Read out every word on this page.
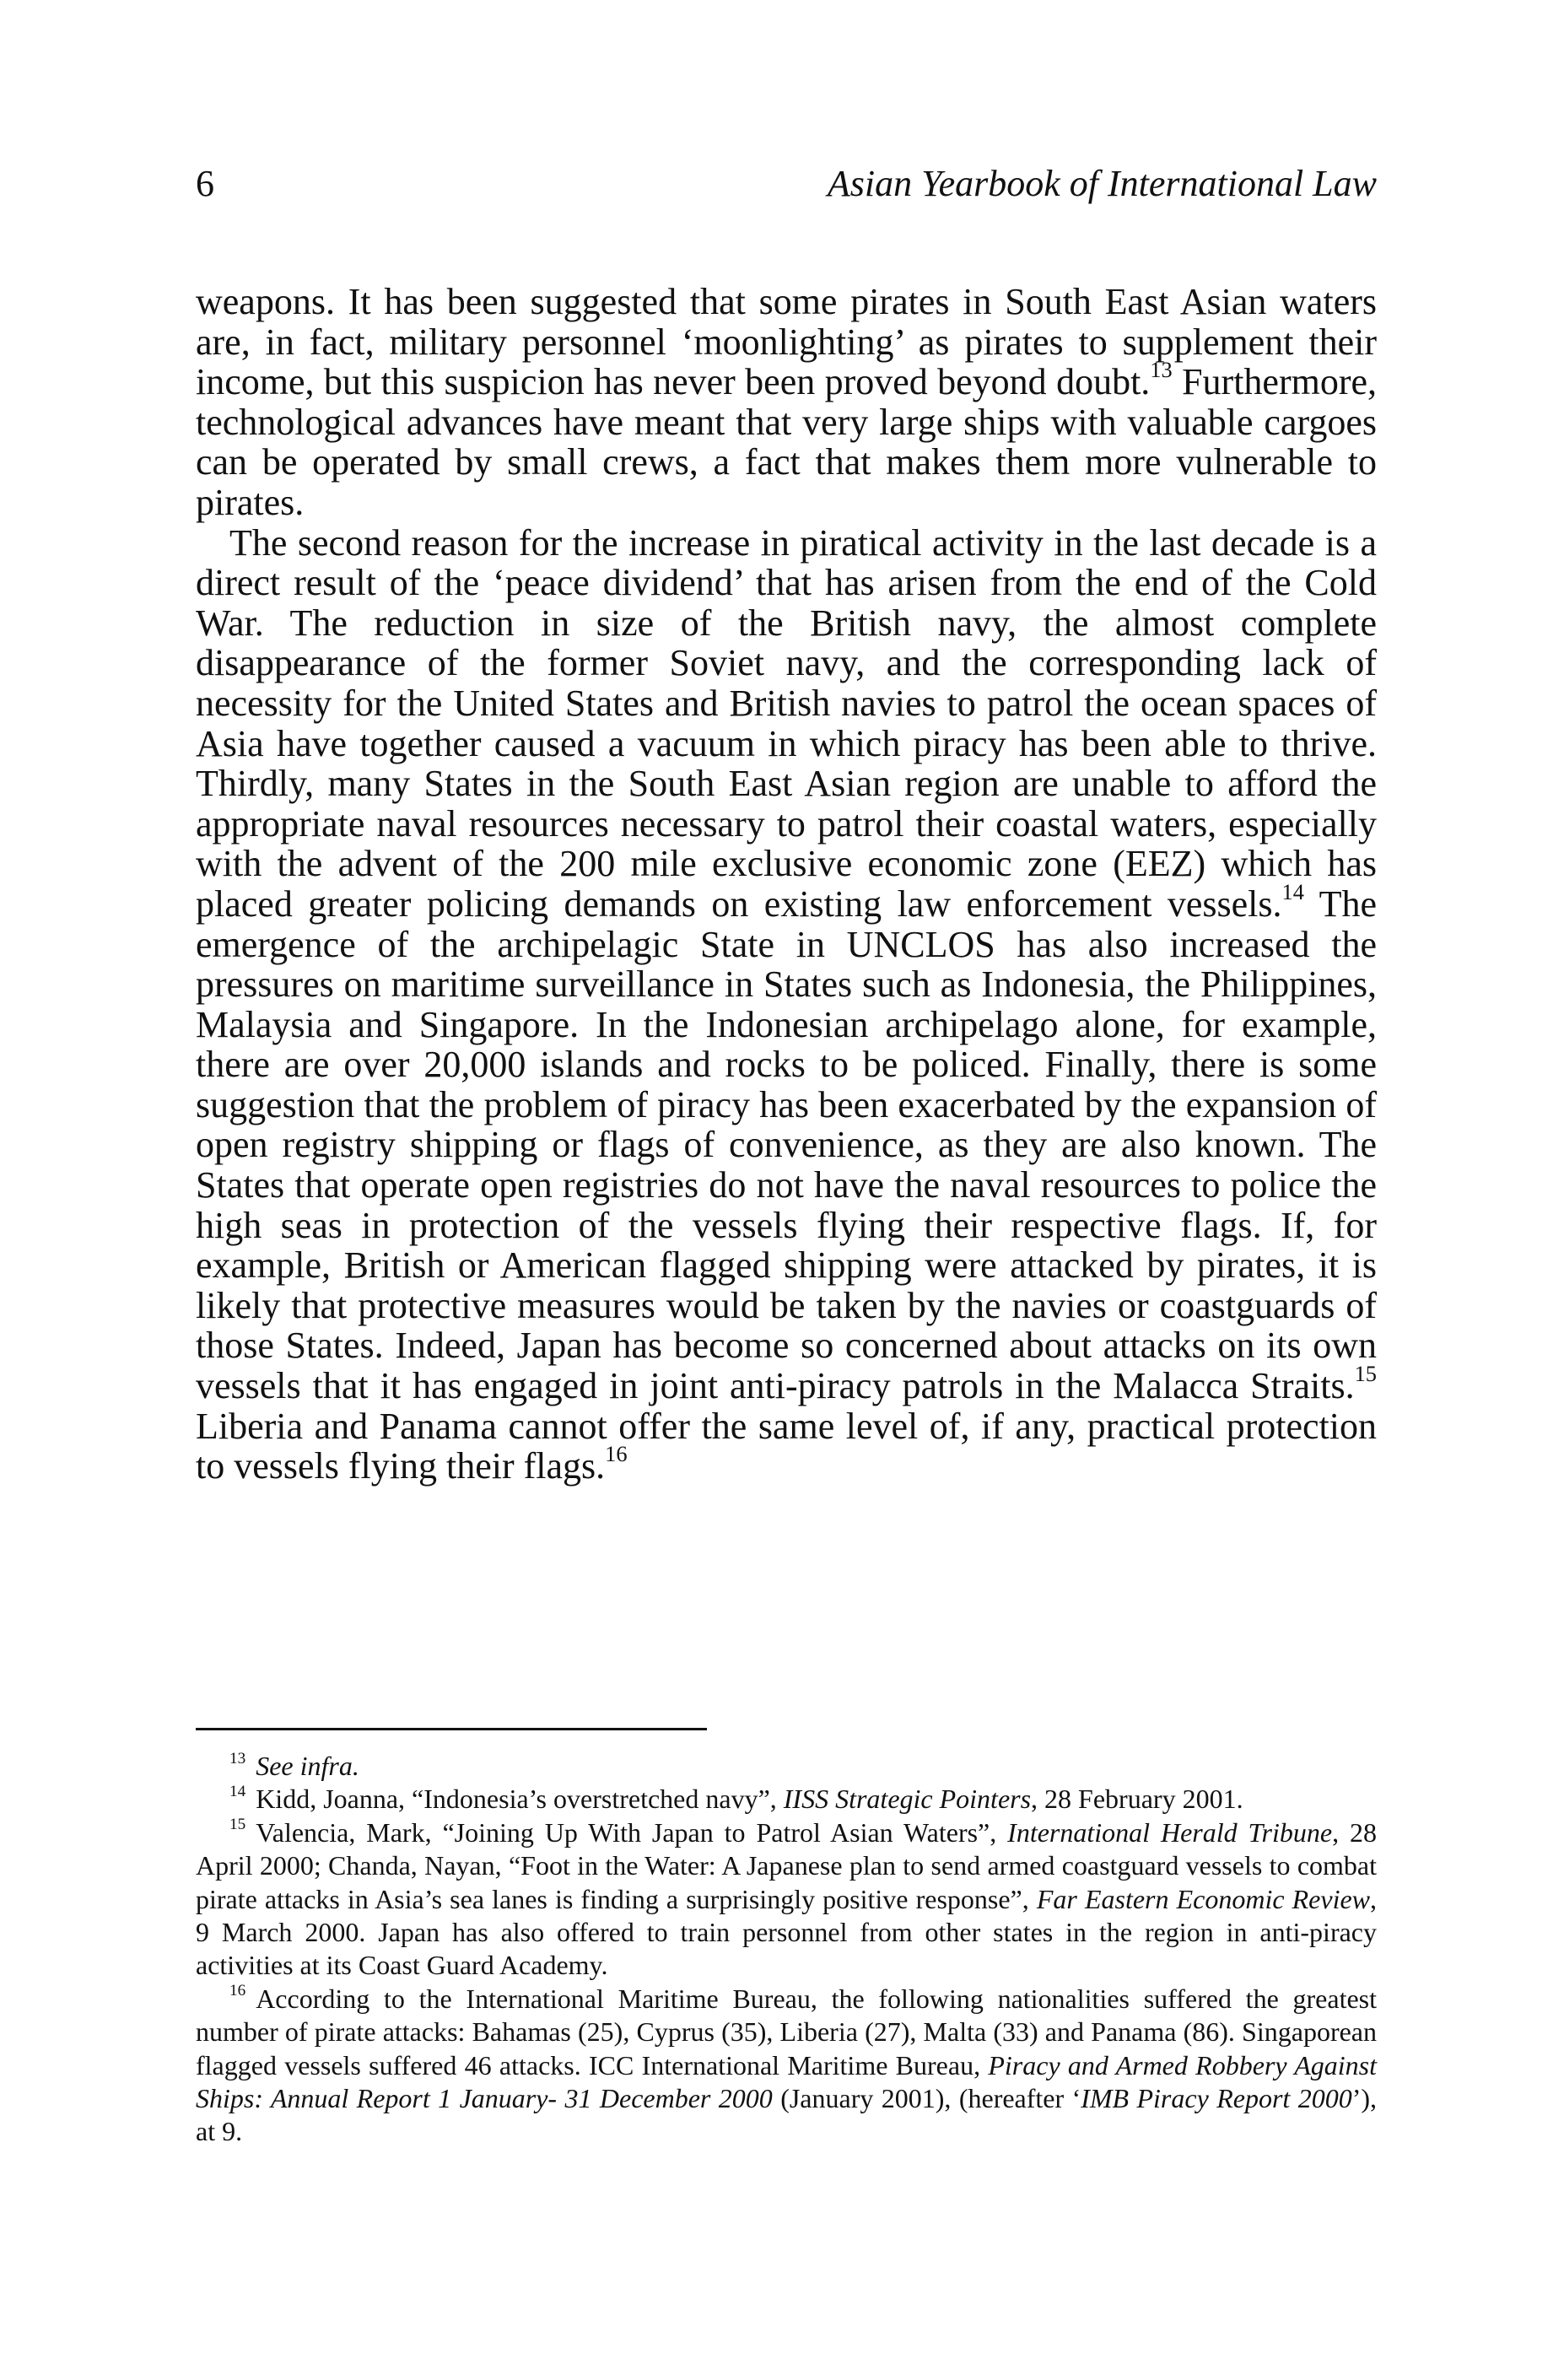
6	Asian Yearbook of International Law

weapons. It has been suggested that some pirates in South East Asian waters are, in fact, military personnel ‘moonlighting’ as pirates to supplement their income, but this suspicion has never been proved beyond doubt.$^{13}$ Furthermore, technological advances have meant that very large ships with valuable cargoes can be operated by small crews, a fact that makes them more vulnerable to pirates.

The second reason for the increase in piratical activity in the last decade is a direct result of the ‘peace dividend’ that has arisen from the end of the Cold War. The reduction in size of the British navy, the almost complete disappearance of the former Soviet navy, and the corresponding lack of necessity for the United States and British navies to patrol the ocean spaces of Asia have together caused a vacuum in which piracy has been able to thrive. Thirdly, many States in the South East Asian region are unable to afford the appropriate naval resources necessary to patrol their coastal waters, especially with the advent of the 200 mile exclusive economic zone (EEZ) which has placed greater policing demands on existing law enforcement vessels.$^{14}$ The emergence of the archipelagic State in UNCLOS has also increased the pressures on maritime surveillance in States such as Indonesia, the Philippines, Malaysia and Singapore. In the Indonesian archipelago alone, for example, there are over 20,000 islands and rocks to be policed. Finally, there is some suggestion that the problem of piracy has been exacerbated by the expansion of open registry shipping or flags of convenience, as they are also known. The States that operate open registries do not have the naval resources to police the high seas in protection of the vessels flying their respective flags. If, for example, British or American flagged shipping were attacked by pirates, it is likely that protective measures would be taken by the navies or coastguards of those States. Indeed, Japan has become so concerned about attacks on its own vessels that it has engaged in joint anti-piracy patrols in the Malacca Straits.$^{15}$ Liberia and Panama cannot offer the same level of, if any, practical protection to vessels flying their flags.$^{16}$

$^{13}$ See infra.

$^{14}$ Kidd, Joanna, “Indonesia’s overstretched navy”, IISS Strategic Pointers, 28 February 2001.

$^{15}$ Valencia, Mark, “Joining Up With Japan to Patrol Asian Waters”, International Herald Tribune, 28 April 2000; Chanda, Nayan, “Foot in the Water: A Japanese plan to send armed coastguard vessels to combat pirate attacks in Asia’s sea lanes is finding a surprisingly positive response”, Far Eastern Economic Review, 9 March 2000. Japan has also offered to train personnel from other states in the region in anti-piracy activities at its Coast Guard Academy.

$^{16}$ According to the International Maritime Bureau, the following nationalities suffered the greatest number of pirate attacks: Bahamas (25), Cyprus (35), Liberia (27), Malta (33) and Panama (86). Singaporean flagged vessels suffered 46 attacks. ICC International Maritime Bureau, Piracy and Armed Robbery Against Ships: Annual Report 1 January- 31 December 2000 (January 2001), (hereafter ‘IMB Piracy Report 2000’), at 9.
